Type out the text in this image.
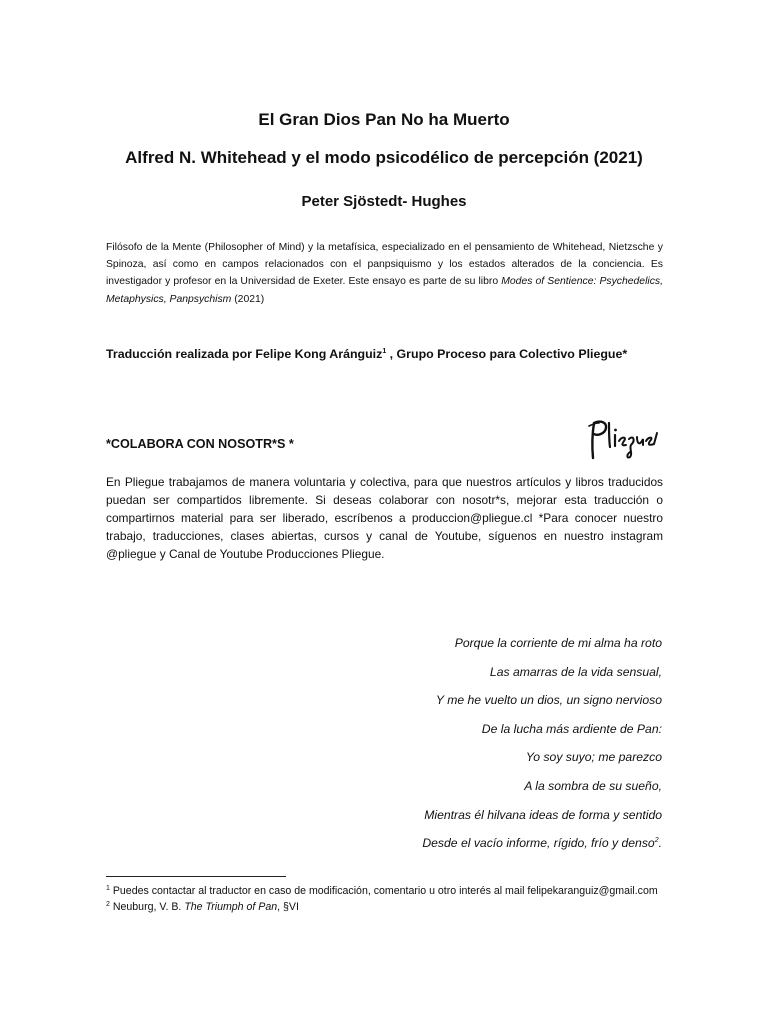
El Gran Dios Pan No ha Muerto
Alfred N. Whitehead y el modo psicodélico de percepción (2021)
Peter Sjöstedt- Hughes

Filósofo de la Mente (Philosopher of Mind) y la metafísica, especializado en el pensamiento de Whitehead, Nietzsche y Spinoza, así como en campos relacionados con el panpsiquismo y los estados alterados de la conciencia. Es investigador y profesor en la Universidad de Exeter. Este ensayo es parte de su libro Modes of Sentience: Psychedelics, Metaphysics, Panpsychism (2021)

Traducción realizada por Felipe Kong Aránguiz$^1$ , Grupo Proceso para Colectivo Pliegue*

*COLABORA CON NOSOTR*S *

En Pliegue trabajamos de manera voluntaria y colectiva, para que nuestros artículos y libros traducidos puedan ser compartidos libremente. Si deseas colaborar con nosotr*s, mejorar esta traducción o compartirnos material para ser liberado, escríbenos a produccion@pliegue.cl *Para conocer nuestro trabajo, traducciones, clases abiertas, cursos y canal de Youtube, síguenos en nuestro instagram @pliegue y Canal de Youtube Producciones Pliegue.

Porque la corriente de mi alma ha roto
Las amarras de la vida sensual,
Y me he vuelto un dios, un signo nervioso
De la lucha más ardiente de Pan:
Yo soy suyo; me parezco
A la sombra de su sueño,
Mientras él hilvana ideas de forma y sentido
Desde el vacío informe, rígido, frío y denso$^2$.

$^1$ Puedes contactar al traductor en caso de modificación, comentario u otro interés al mail felipekaranguiz@gmail.com

$^2$ Neuburg, V. B. The Triumph of Pan, §VI
